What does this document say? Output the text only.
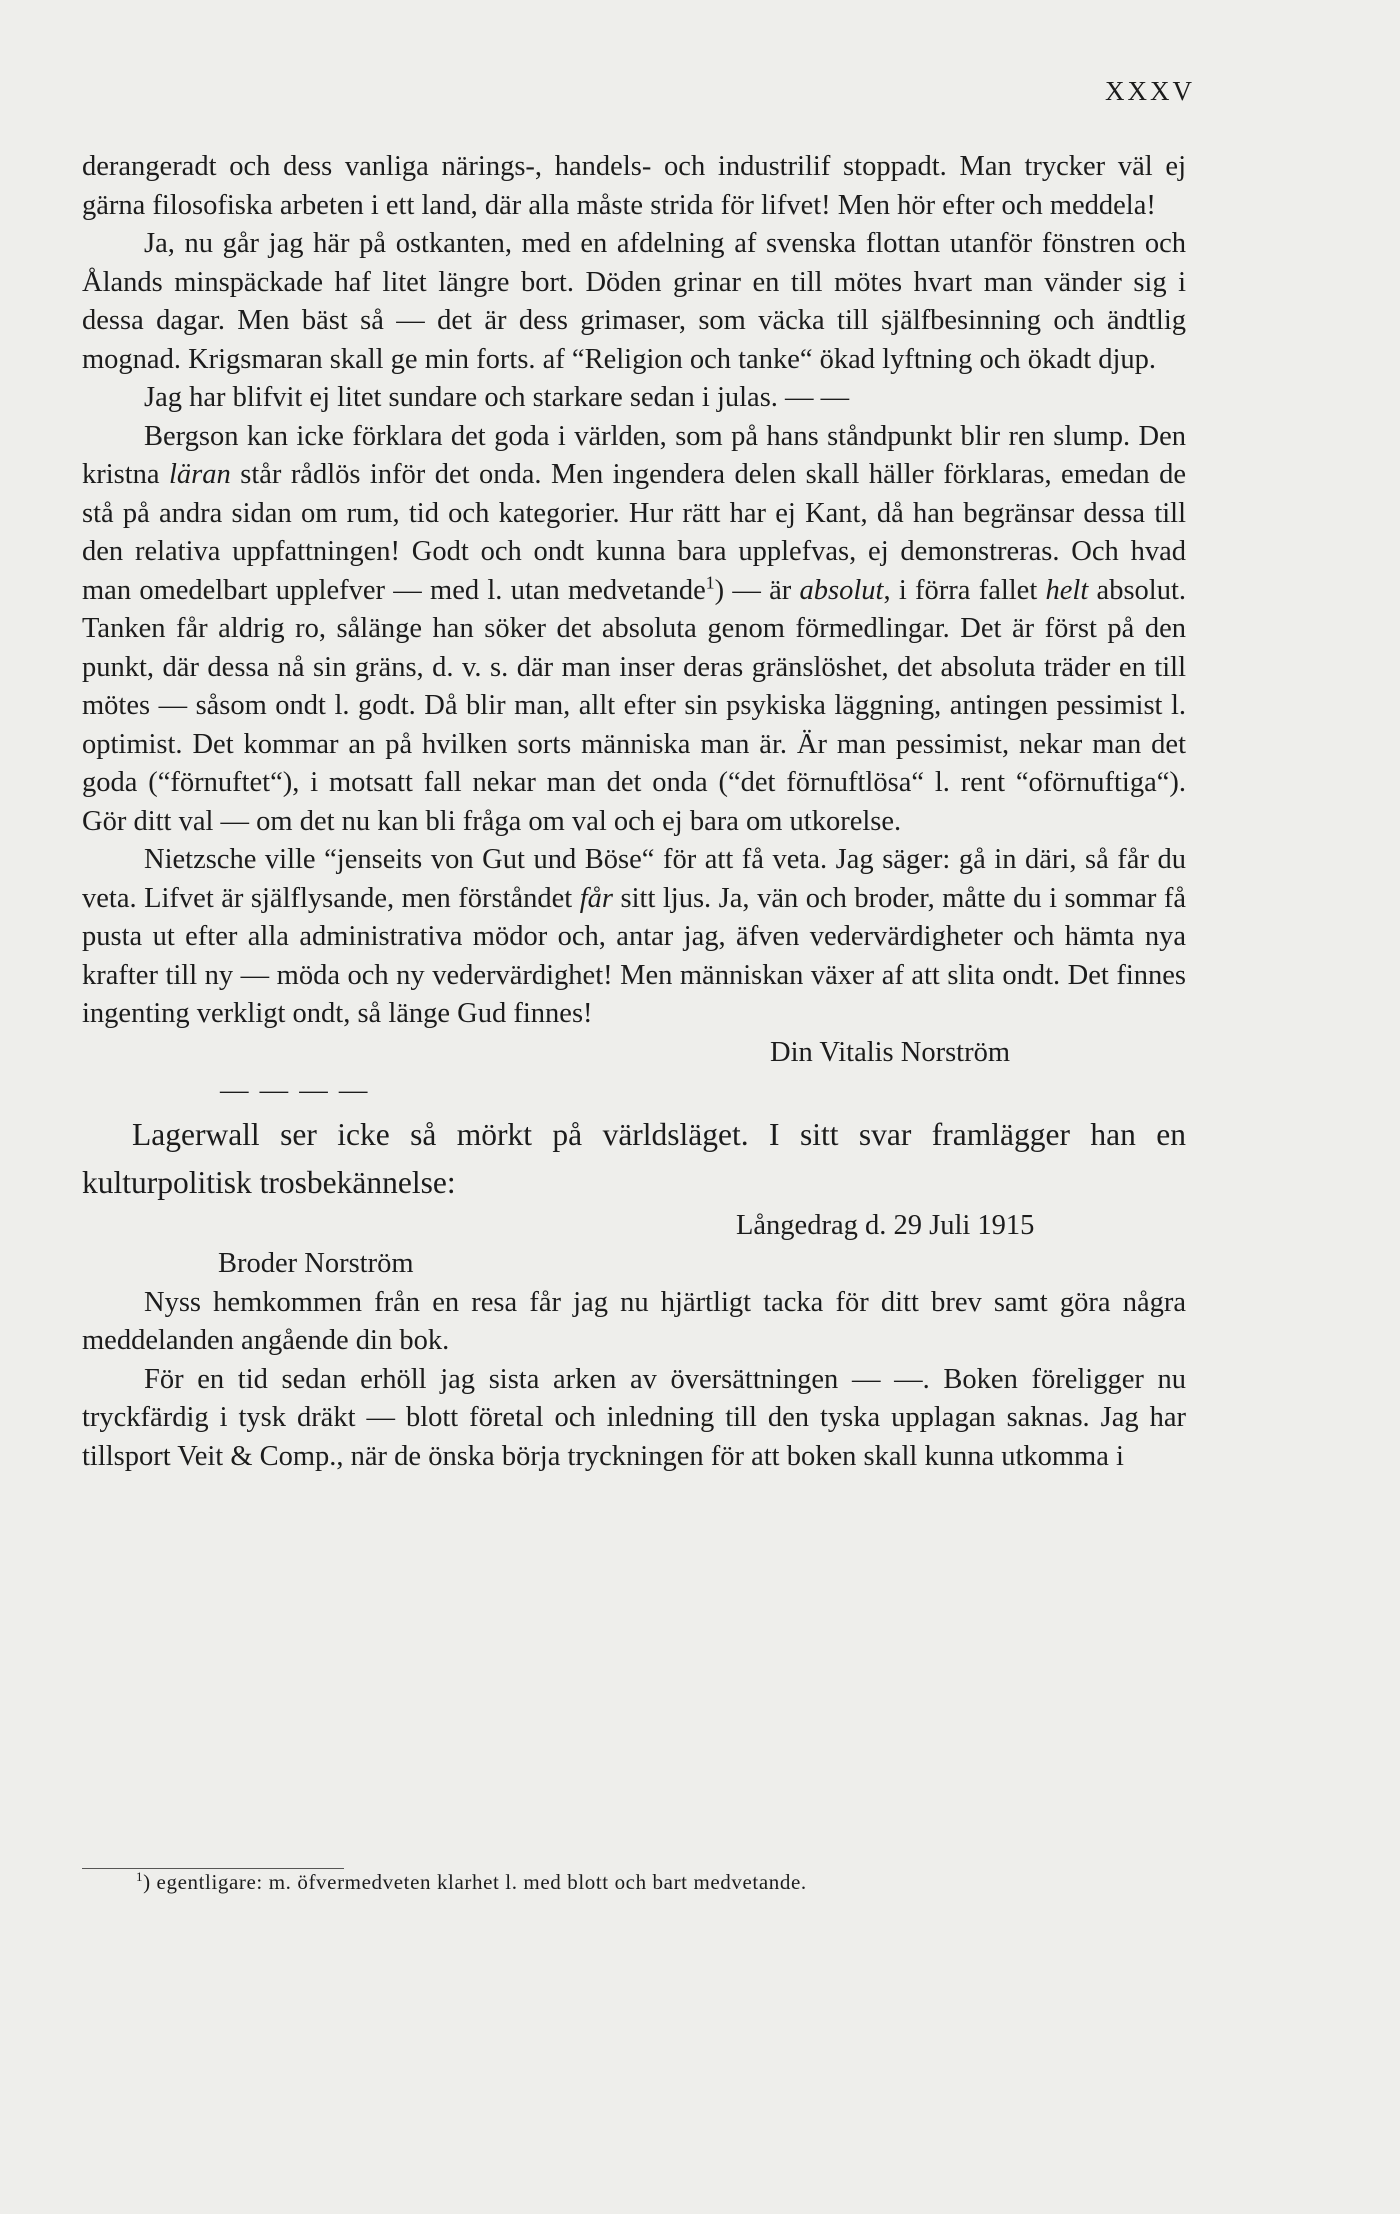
XXXV

derangeradt och dess vanliga närings-, handels- och industrilif stoppadt. Man trycker väl ej gärna filosofiska arbeten i ett land, där alla måste strida för lifvet! Men hör efter och meddela!

Ja, nu går jag här på ostkanten, med en afdelning af svenska flottan utanför fönstren och Ålands minspäckade haf litet längre bort. Döden grinar en till mötes hvart man vänder sig i dessa dagar. Men bäst så — det är dess grimaser, som väcka till själfbesinning och ändtlig mognad. Krigsmaran skall ge min forts. af “Religion och tanke“ ökad lyftning och ökadt djup.

Jag har blifvit ej litet sundare och starkare sedan i julas. — —

Bergson kan icke förklara det goda i världen, som på hans ståndpunkt blir ren slump. Den kristna läran står rådlös inför det onda. Men ingendera delen skall häller förklaras, emedan de stå på andra sidan om rum, tid och kategorier. Hur rätt har ej Kant, då han begränsar dessa till den relativa uppfattningen! Godt och ondt kunna bara upplefvas, ej demonstreras. Och hvad man omedelbart upplefver — med l. utan medvetande$^1$) — är absolut, i förra fallet helt absolut. Tanken får aldrig ro, sålänge han söker det absoluta genom förmedlingar. Det är först på den punkt, där dessa nå sin gräns, d. v. s. där man inser deras gränslöshet, det absoluta träder en till mötes — såsom ondt l. godt. Då blir man, allt efter sin psykiska läggning, antingen pessimist l. optimist. Det kommar an på hvilken sorts människa man är. Är man pessimist, nekar man det goda (“förnuftet“), i motsatt fall nekar man det onda (“det förnuftlösa“ l. rent “oförnuftiga“). Gör ditt val — om det nu kan bli fråga om val och ej bara om utkorelse.

Nietzsche ville “jenseits von Gut und Böse“ för att få veta. Jag säger: gå in däri, så får du veta. Lifvet är själflysande, men förståndet får sitt ljus. Ja, vän och broder, måtte du i sommar få pusta ut efter alla administrativa mödor och, antar jag, äfven vedervärdigheter och hämta nya krafter till ny — möda och ny vedervärdighet! Men människan växer af att slita ondt. Det finnes ingenting verkligt ondt, så länge Gud finnes!

Din Vitalis Norström

— — — —

Lagerwall ser icke så mörkt på världsläget. I sitt svar framlägger han en kulturpolitisk trosbekännelse:

Långedrag d. 29 Juli 1915

Broder Norström

Nyss hemkommen från en resa får jag nu hjärtligt tacka för ditt brev samt göra några meddelanden angående din bok.

För en tid sedan erhöll jag sista arken av översättningen — —. Boken föreligger nu tryckfärdig i tysk dräkt — blott företal och inledning till den tyska upplagan saknas. Jag har tillsport Veit & Comp., när de önska börja tryckningen för att boken skall kunna utkomma i

$^1$) egentligare: m. öfvermedveten klarhet l. med blott och bart medvetande.
